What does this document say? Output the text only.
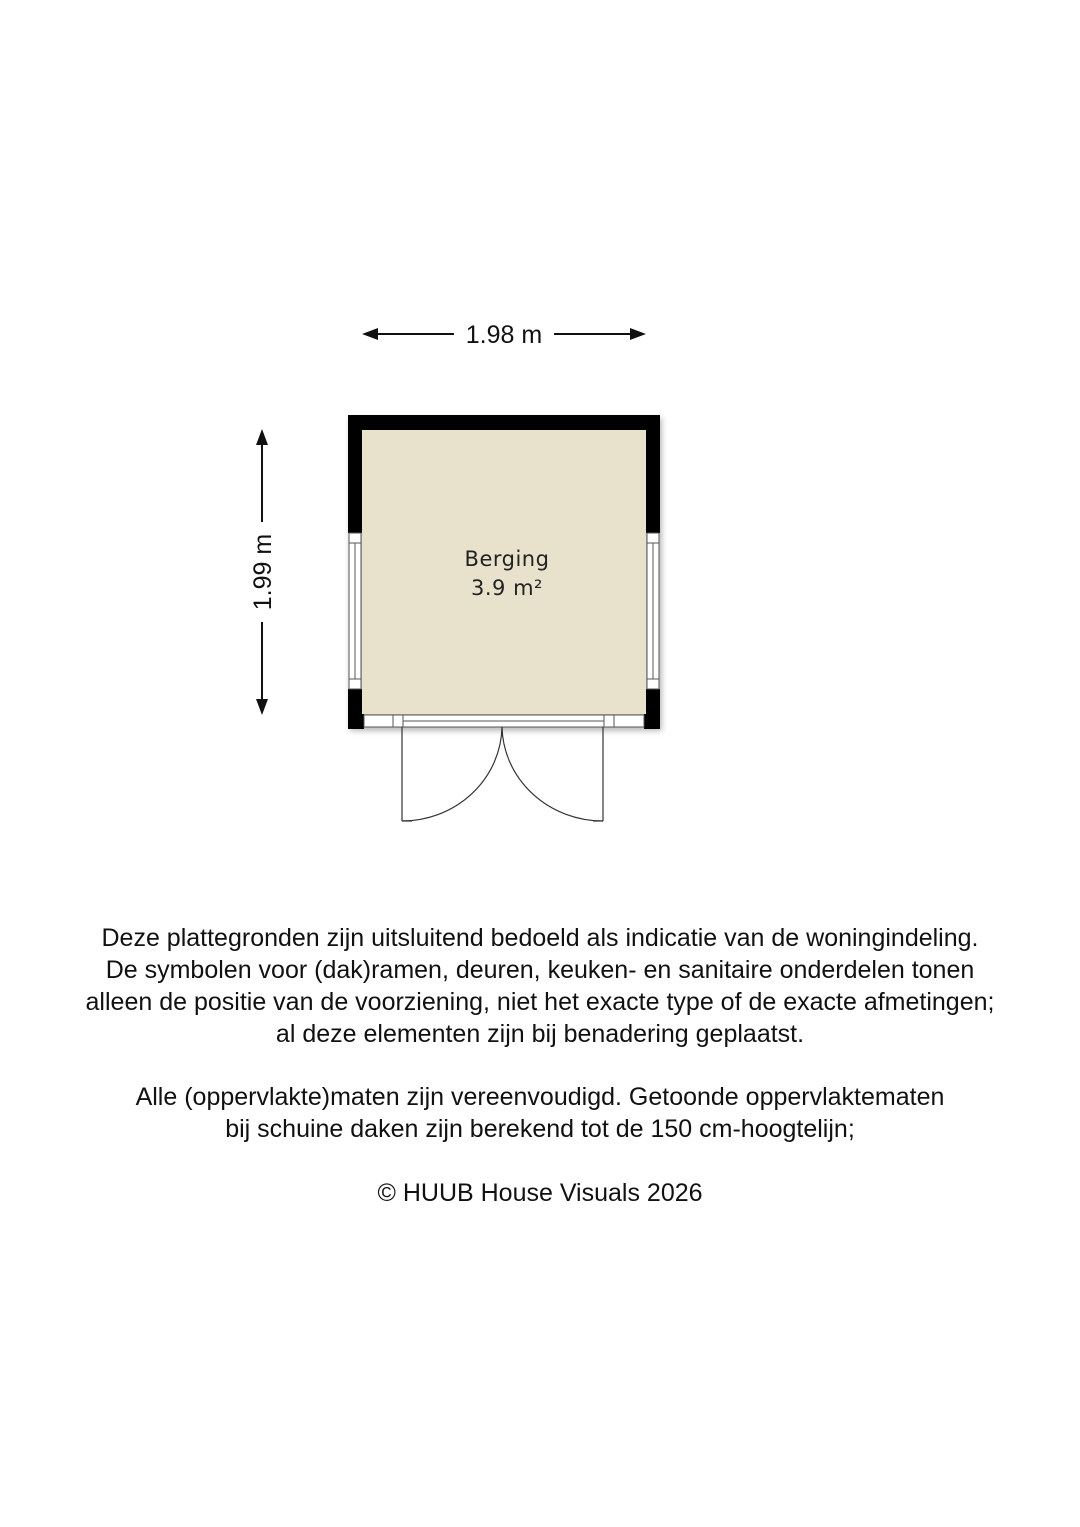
1.98 m
1.99 m	Berging
3.9 m²
Deze plattegronden zijn uitsluitend bedoeld als indicatie van de woningindeling.
De symbolen voor (dak)ramen, deuren, keuken- en sanitaire onderdelen tonen
alleen de positie van de voorziening, niet het exacte type of de exacte afmetingen;
al deze elementen zijn bij benadering geplaatst.
Alle (oppervlakte)maten zijn vereenvoudigd. Getoonde oppervlaktematen
bij schuine daken zijn berekend tot de 150 cm-hoogtelijn;
© HUUB House Visuals 2026
